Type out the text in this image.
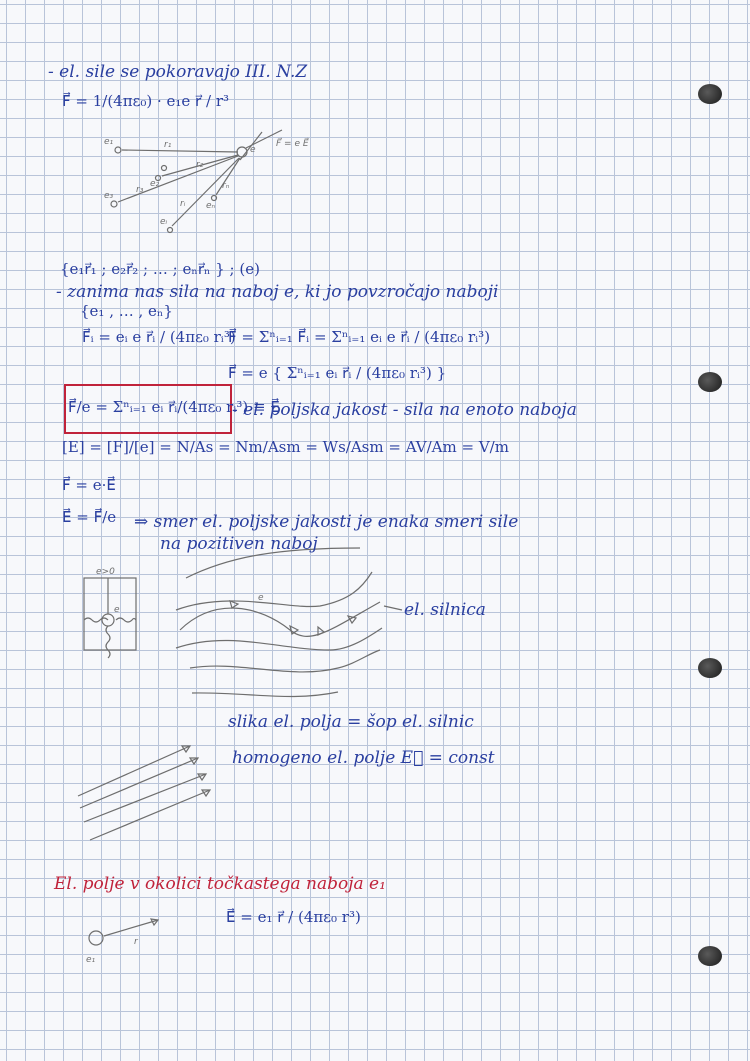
- el. sile se pokoravajo III. N.Z

F⃗ = 1/(4πε₀) · e₁e r⃗ / r³

e₁	r₁
e₂
r₂
e₃
r₃
eᵢ
rᵢ eₙ
rₙ
e
F⃗ = e E⃗
e>0
e
e
r
e₁

{e₁r⃗₁ ; e₂r⃗₂ ; … ; eₙr⃗ₙ } ; (e)

- zanima nas sila na naboj e, ki jo povzročajo naboji

{e₁ , … , eₙ}

F⃗ᵢ = eᵢ e r⃗ᵢ / (4πε₀ rᵢ³)

F⃗ = Σⁿᵢ₌₁ F⃗ᵢ = Σⁿᵢ₌₁ eᵢ e r⃗ᵢ / (4πε₀ rᵢ³)

F⃗ = e { Σⁿᵢ₌₁ eᵢ r⃗ᵢ / (4πε₀ rᵢ³) }

F⃗/e = Σⁿᵢ₌₁ eᵢ r⃗ᵢ/(4πε₀ rᵢ³) ≡ E⃗

- el. poljska jakost - sila na enoto naboja

[E] = [F]/[e] = N/As = Nm/Asm = Ws/Asm = AV/Am = V/m

F⃗ = e·E⃗

E⃗ = F⃗/e ⇒ smer el. poljske jakosti je enaka smeri sile

na pozitiven naboj

el. silnica

slika el. polja = šop el. silnic

homogeno el. polje E⃗ = const

El. polje v okolici točkastega naboja e₁

E⃗ = e₁ r⃗ / (4πε₀ r³)
